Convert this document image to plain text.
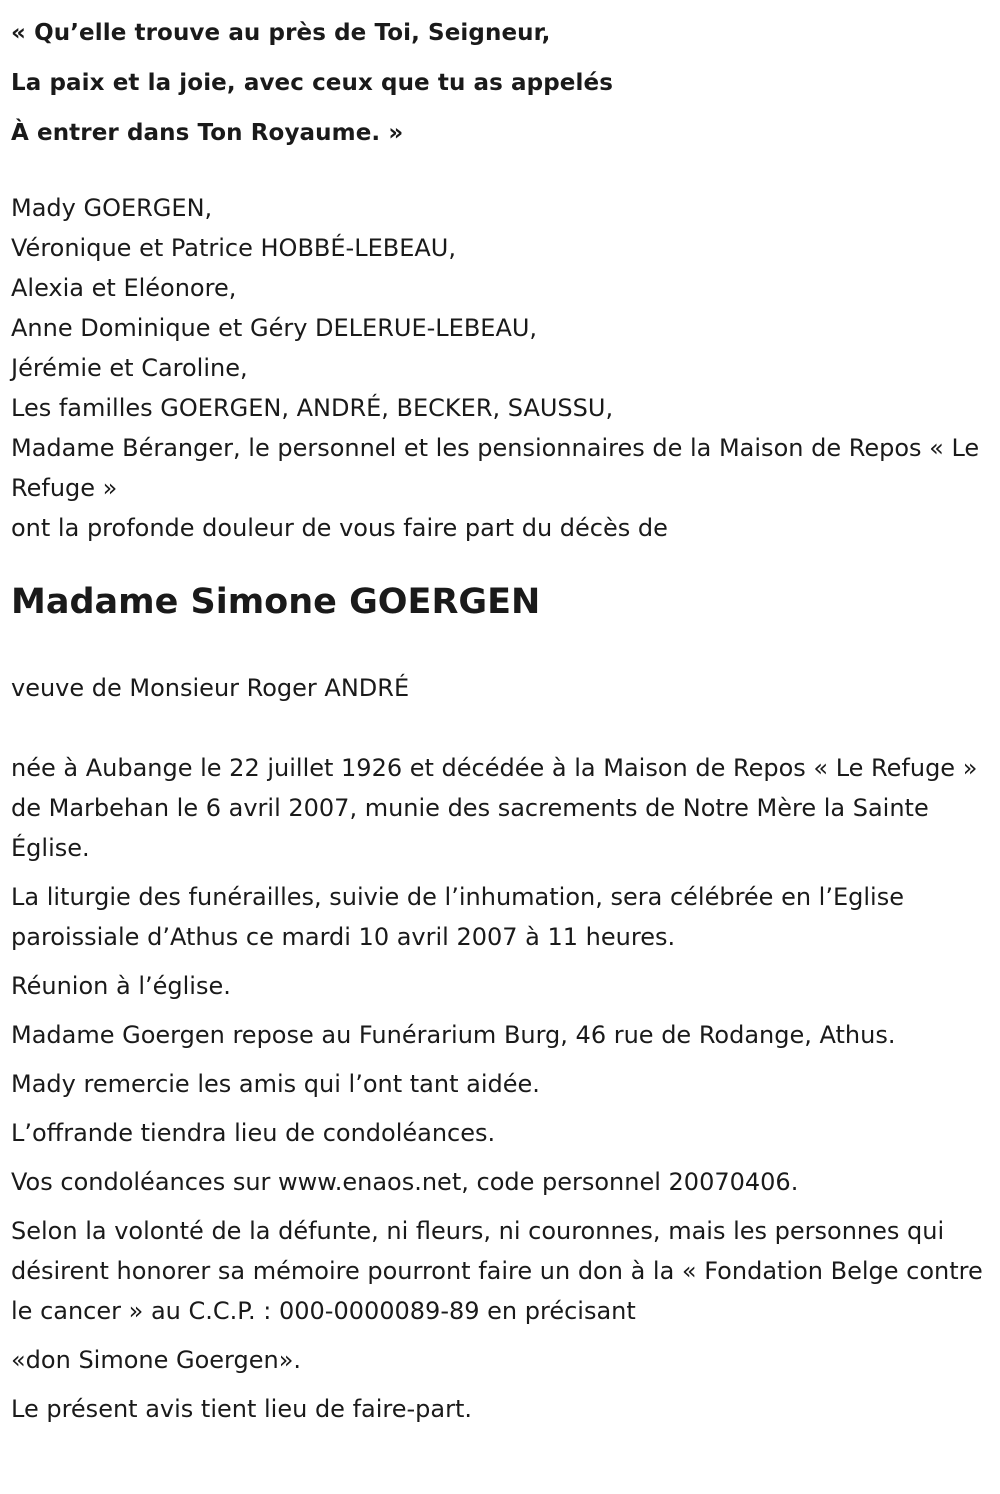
« Qu’elle trouve au près de Toi, Seigneur,
La paix et la joie, avec ceux que tu as appelés
À entrer dans Ton Royaume. »
Mady GOERGEN,
Véronique et Patrice HOBBÉ-LEBEAU,
Alexia et Eléonore,
Anne Dominique et Géry DELERUE-LEBEAU,
Jérémie et Caroline,
Les familles GOERGEN, ANDRÉ, BECKER, SAUSSU,
Madame Béranger, le personnel et les pensionnaires de la Maison de Repos « Le Refuge »
ont la profonde douleur de vous faire part du décès de
Madame Simone GOERGEN
veuve de Monsieur Roger ANDRÉ
née à Aubange le 22 juillet 1926 et décédée à la Maison de Repos « Le Refuge » de Marbehan le 6 avril 2007, munie des sacrements de Notre Mère la Sainte Église.
La liturgie des funérailles, suivie de l’inhumation, sera célébrée en l’Eglise paroissiale d’Athus ce mardi 10 avril 2007 à 11 heures.
Réunion à l’église.
Madame Goergen repose au Funérarium Burg, 46 rue de Rodange, Athus.
Mady remercie les amis qui l’ont tant aidée.
L’offrande tiendra lieu de condoléances.
Vos condoléances sur www.enaos.net, code personnel 20070406.
Selon la volonté de la défunte, ni fleurs, ni couronnes, mais les personnes qui désirent honorer sa mémoire pourront faire un don à la « Fondation Belge contre le cancer » au C.C.P. : 000-0000089-89 en précisant
«don Simone Goergen».
Le présent avis tient lieu de faire-part.
